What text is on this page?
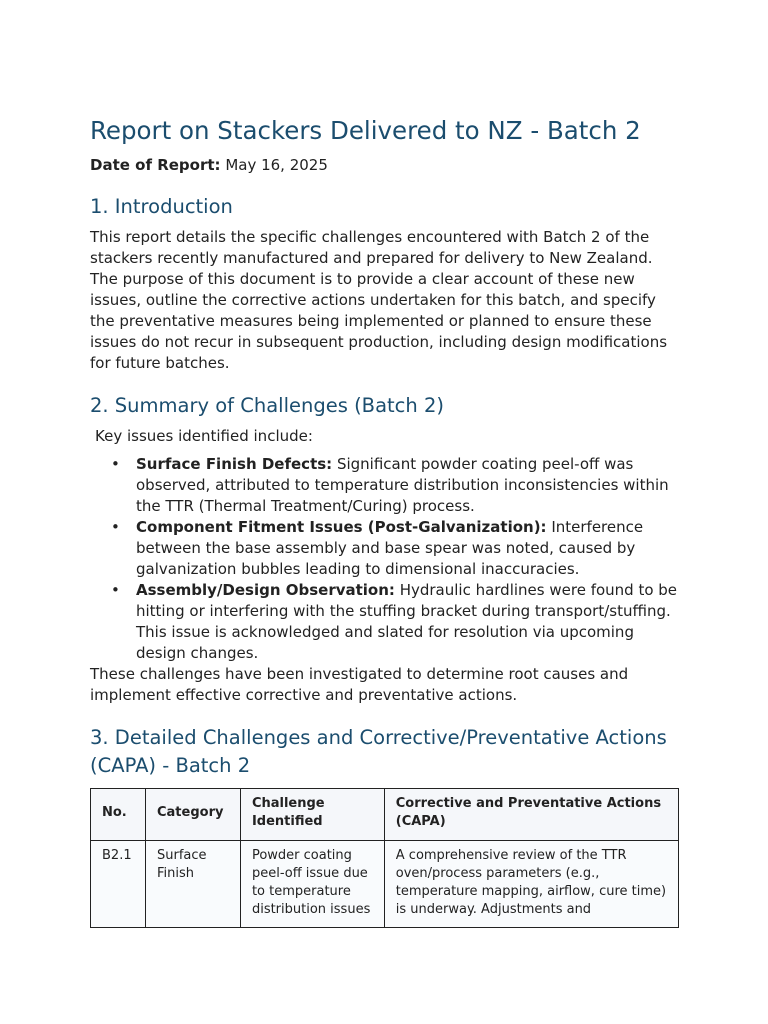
Report on Stackers Delivered to NZ - Batch 2

Date of Report: May 16, 2025

1. Introduction

This report details the specific challenges encountered with Batch 2 of the stackers recently manufactured and prepared for delivery to New Zealand. The purpose of this document is to provide a clear account of these new issues, outline the corrective actions undertaken for this batch, and specify the preventative measures being implemented or planned to ensure these issues do not recur in subsequent production, including design modifications for future batches.

2. Summary of Challenges (Batch 2)

Key issues identified include:

• Surface Finish Defects: Significant powder coating peel-off was observed, attributed to temperature distribution inconsistencies within the TTR (Thermal Treatment/Curing) process.
• Component Fitment Issues (Post-Galvanization): Interference between the base assembly and base spear was noted, caused by galvanization bubbles leading to dimensional inaccuracies.
• Assembly/Design Observation: Hydraulic hardlines were found to be hitting or interfering with the stuffing bracket during transport/stuffing. This issue is acknowledged and slated for resolution via upcoming design changes.

These challenges have been investigated to determine root causes and implement effective corrective and preventative actions.

3. Detailed Challenges and Corrective/Preventative Actions (CAPA) - Batch 2
No.	Category	Challenge Identified	Corrective and Preventative Actions (CAPA)

B2.1	Surface Finish	Powder coating peel-off issue due to temperature distribution issues	A comprehensive review of the TTR oven/process parameters (e.g., temperature mapping, airflow, cure time) is underway. Adjustments and
